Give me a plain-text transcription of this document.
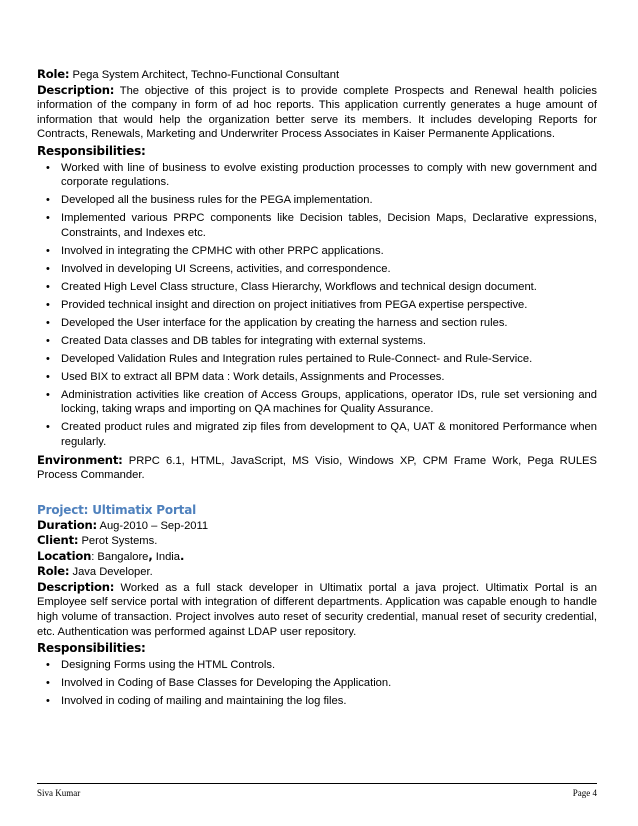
Role: Pega System Architect, Techno-Functional Consultant
Description: The objective of this project is to provide complete Prospects and Renewal health policies information of the company in form of ad hoc reports. This application currently generates a huge amount of information that would help the organization better serve its members. It includes developing Reports for Contracts, Renewals, Marketing and Underwriter Process Associates in Kaiser Permanente Applications.
Responsibilities:
• Worked with line of business to evolve existing production processes to comply with new government and corporate regulations.
• Developed all the business rules for the PEGA implementation.
• Implemented various PRPC components like Decision tables, Decision Maps, Declarative expressions, Constraints, and Indexes etc.
• Involved in integrating the CPMHC with other PRPC applications.
• Involved in developing UI Screens, activities, and correspondence.
• Created High Level Class structure, Class Hierarchy, Workflows and technical design document.
• Provided technical insight and direction on project initiatives from PEGA expertise perspective.
• Developed the User interface for the application by creating the harness and section rules.
• Created Data classes and DB tables for integrating with external systems.
• Developed Validation Rules and Integration rules pertained to Rule-Connect- and Rule-Service.
• Used BIX to extract all BPM data : Work details, Assignments and Processes.
• Administration activities like creation of Access Groups, applications, operator IDs, rule set versioning and locking, taking wraps and importing on QA machines for Quality Assurance.
• Created product rules and migrated zip files from development to QA, UAT & monitored Performance when regularly.
Environment: PRPC 6.1, HTML, JavaScript, MS Visio, Windows XP, CPM Frame Work, Pega RULES Process Commander.
Project: Ultimatix Portal
Duration: Aug-2010 – Sep-2011
Client: Perot Systems.
Location: Bangalore, India.
Role: Java Developer.
Description: Worked as a full stack developer in Ultimatix portal a java project. Ultimatix Portal is an Employee self service portal with integration of different departments. Application was capable enough to handle high volume of transaction. Project involves auto reset of security credential, manual reset of security credential, etc. Authentication was performed against LDAP user repository.
Responsibilities:
• Designing Forms using the HTML Controls.
• Involved in Coding of Base Classes for Developing the Application.
• Involved in coding of mailing and maintaining the log files.
Siva Kumar	Page 4
